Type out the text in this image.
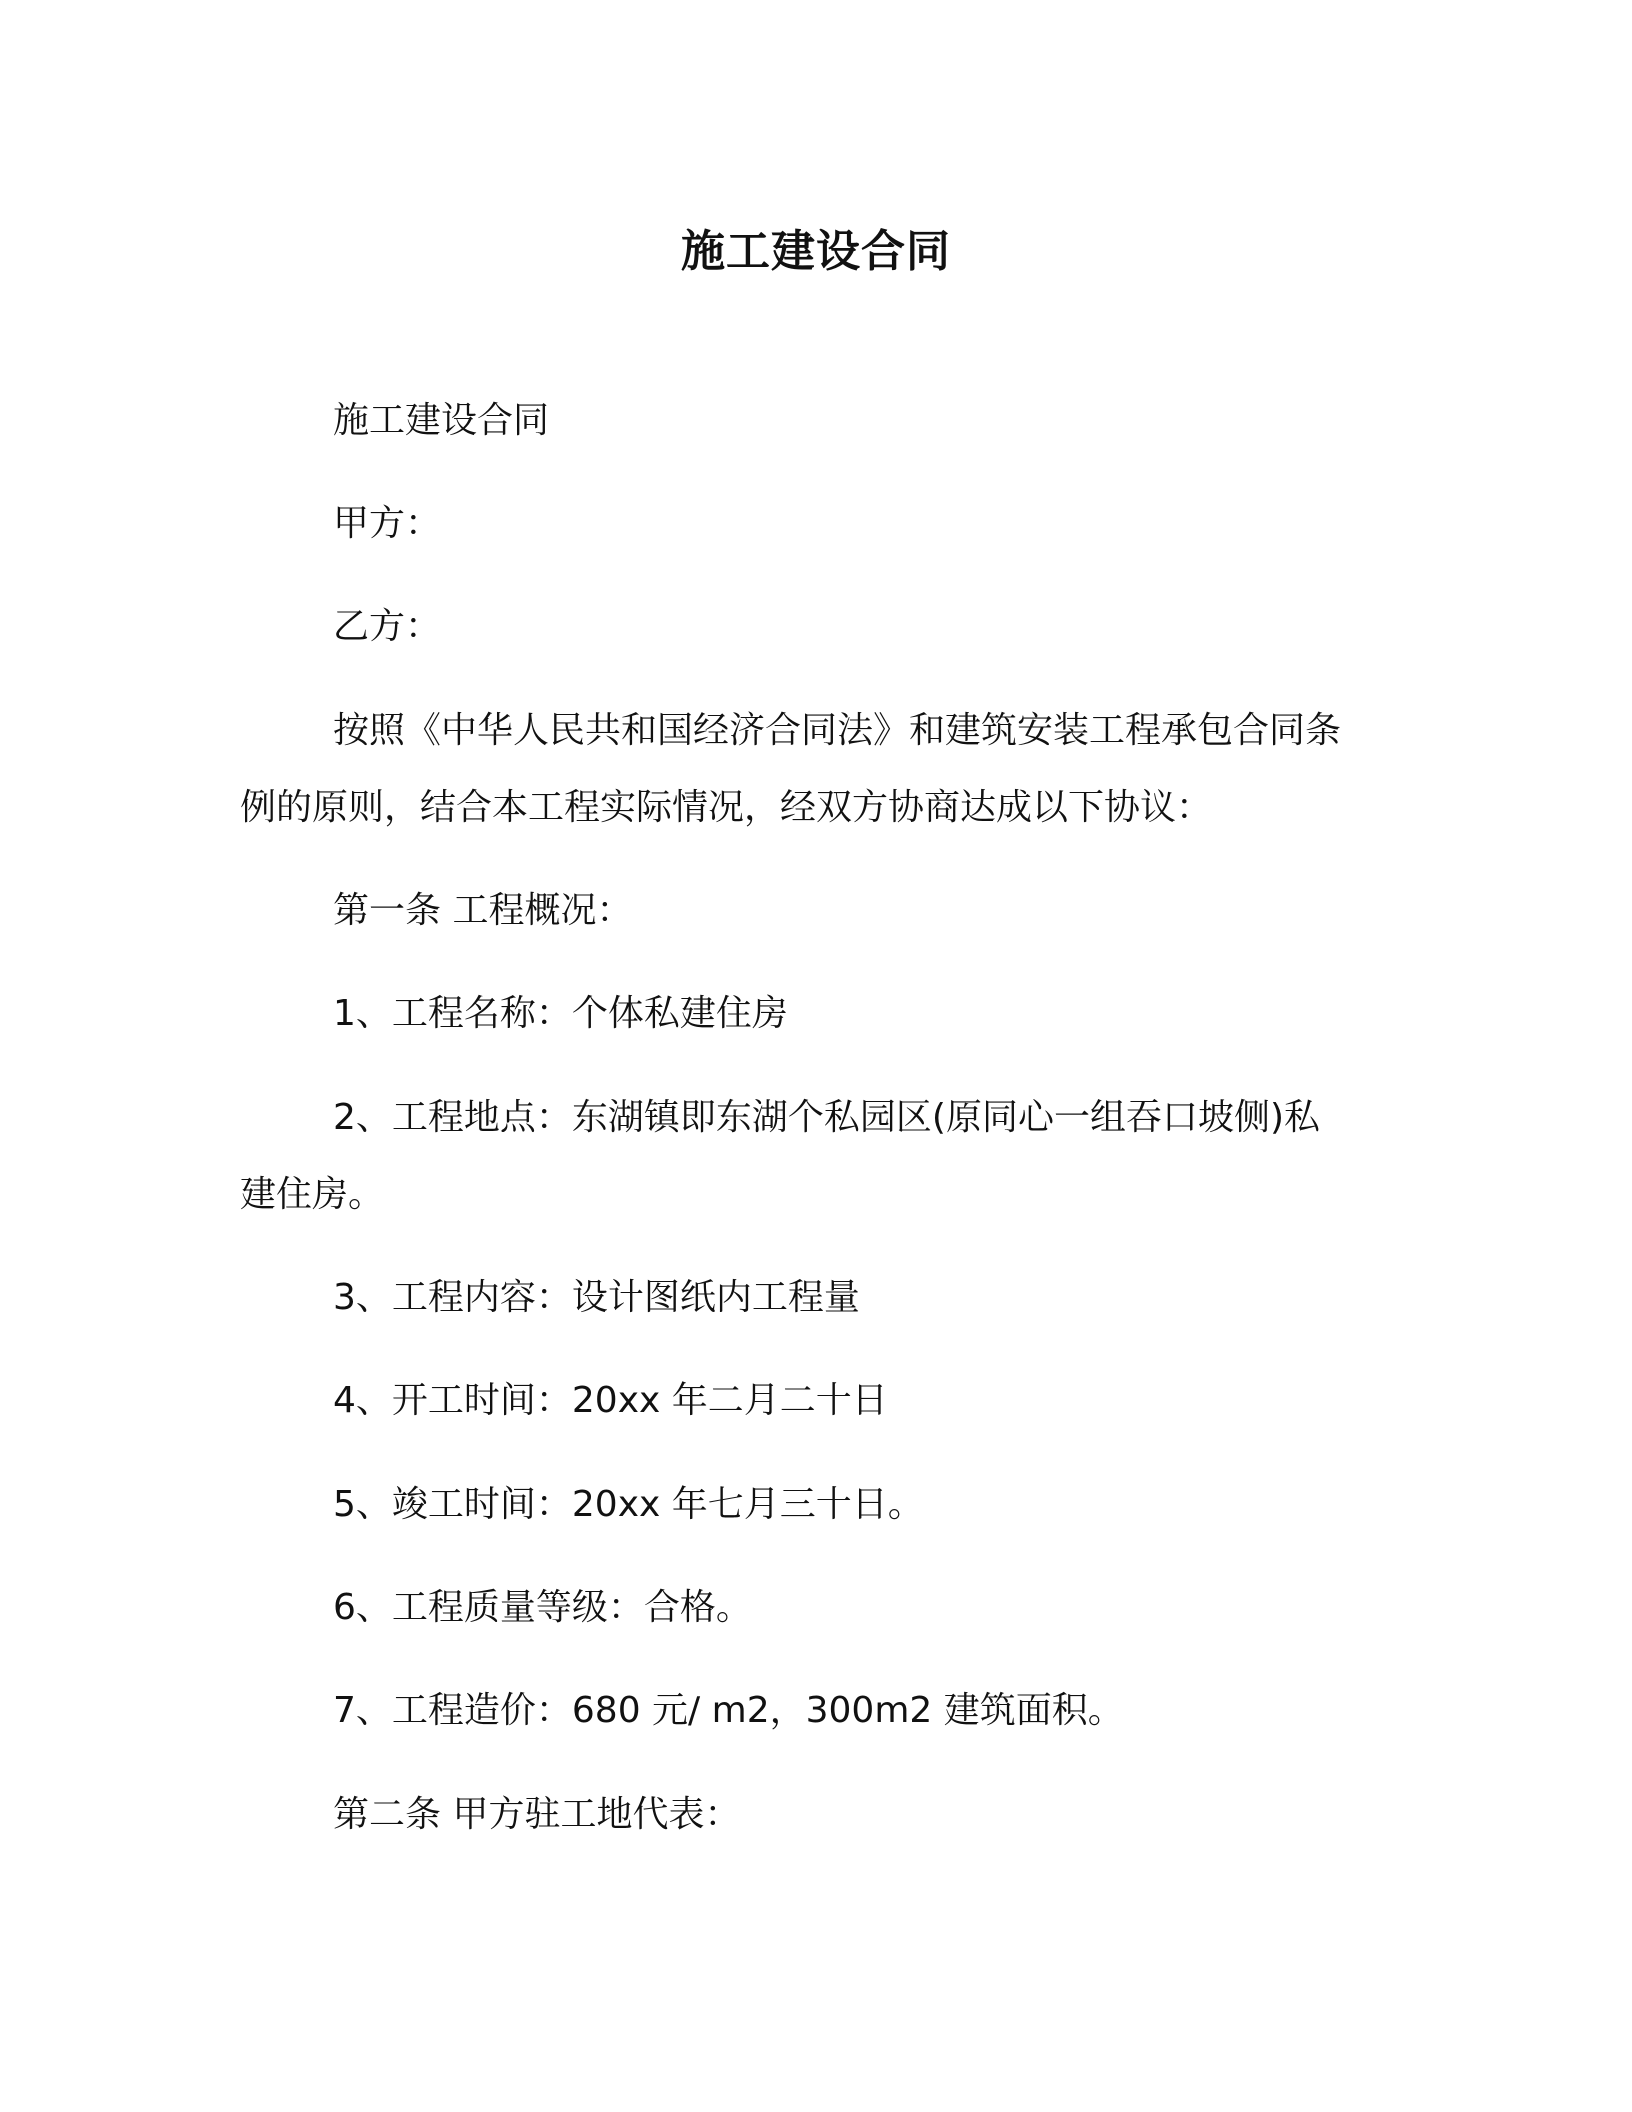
施工建设合同
施工建设合同
甲方：
乙方：
按照《中华人民共和国经济合同法》和建筑安装工程承包合同条
例的原则，结合本工程实际情况，经双方协商达成以下协议：
第一条 工程概况：
1、工程名称：个体私建住房
2、工程地点：东湖镇即东湖个私园区(原同心一组吞口坡侧)私
建住房。
3、工程内容：设计图纸内工程量
4、开工时间：20xx 年二月二十日
5、竣工时间：20xx 年七月三十日。
6、工程质量等级：合格。
7、工程造价：680 元/ m2，300m2 建筑面积。
第二条 甲方驻工地代表：
